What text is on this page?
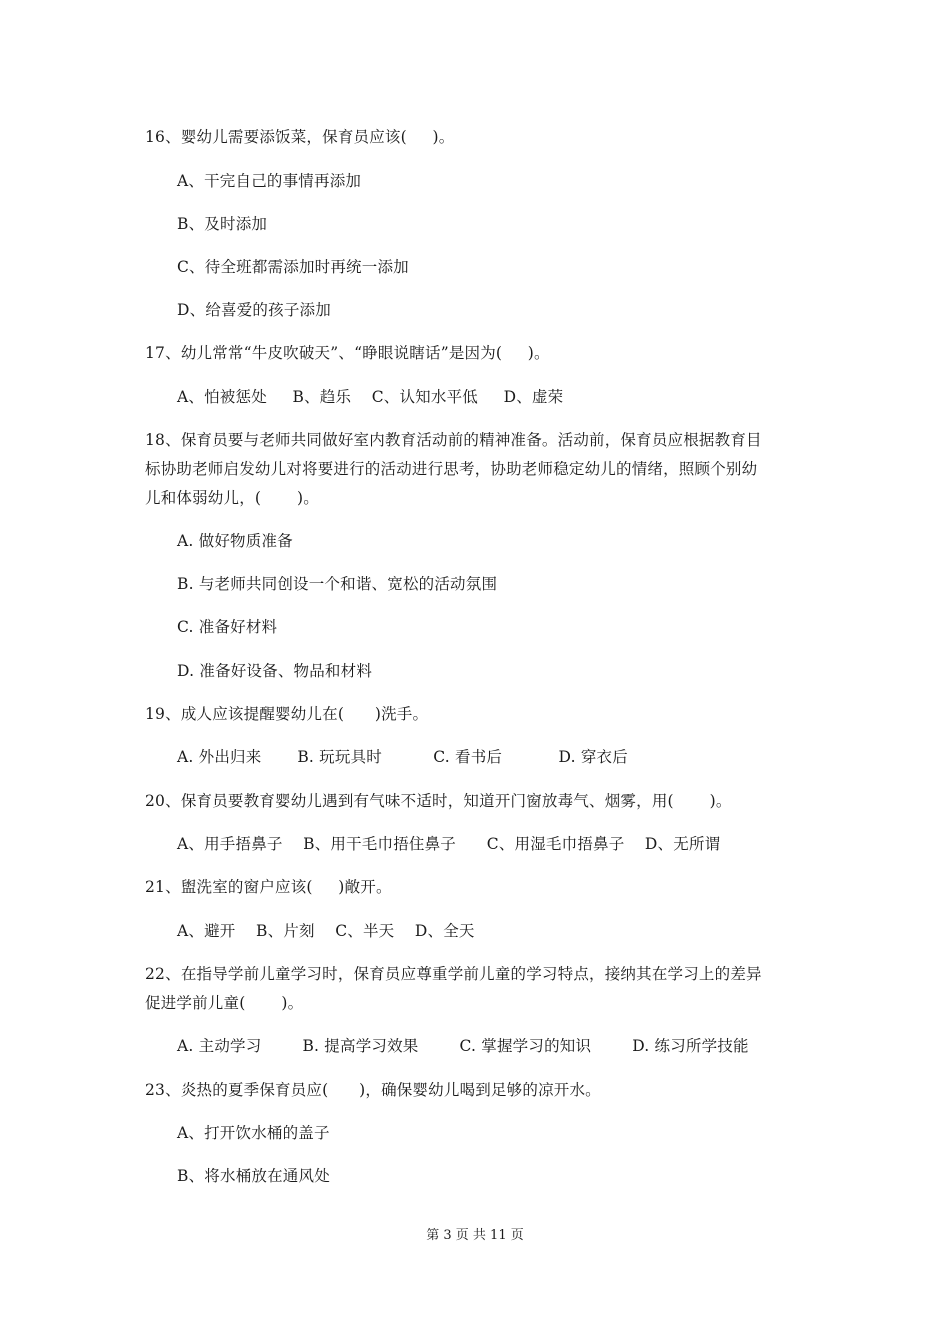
16、婴幼儿需要添饭菜，保育员应该(     )。
A、干完自己的事情再添加
B、及时添加
C、待全班都需添加时再统一添加
D、给喜爱的孩子添加
17、幼儿常常“牛皮吹破天”、“睁眼说瞎话”是因为(     )。
A、怕被惩处     B、趋乐    C、认知水平低     D、虚荣
18、保育员要与老师共同做好室内教育活动前的精神准备。活动前，保育员应根据教育目
标协助老师启发幼儿对将要进行的活动进行思考，协助老师稳定幼儿的情绪，照顾个别幼
儿和体弱幼儿，(       )。
A. 做好物质准备
B. 与老师共同创设一个和谐、宽松的活动氛围
C. 准备好材料
D. 准备好设备、物品和材料
19、成人应该提醒婴幼儿在(      )洗手。
A. 外出归来       B. 玩玩具时          C. 看书后           D. 穿衣后
20、保育员要教育婴幼儿遇到有气味不适时，知道开门窗放毒气、烟雾，用(       )。
A、用手捂鼻子    B、用干毛巾捂住鼻子      C、用湿毛巾捂鼻子    D、无所谓
21、盥洗室的窗户应该(     )敞开。
A、避开    B、片刻    C、半天    D、全天
22、在指导学前儿童学习时，保育员应尊重学前儿童的学习特点，接纳其在学习上的差异
促进学前儿童(       )。
A. 主动学习        B. 提高学习效果        C. 掌握学习的知识        D. 练习所学技能
23、炎热的夏季保育员应(      )，确保婴幼儿喝到足够的凉开水。
A、打开饮水桶的盖子
B、将水桶放在通风处
第 3 页 共 11 页
